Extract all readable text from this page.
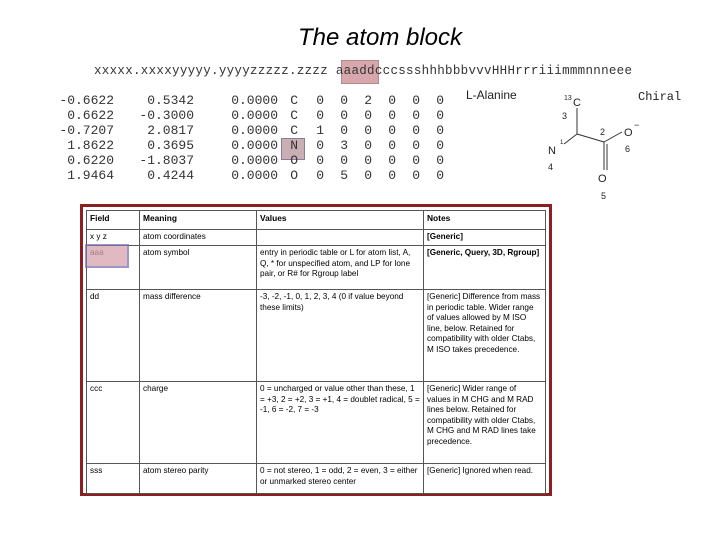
The atom block
xxxxx.xxxxyyyyy.yyyyzzzzz.zzzz aaaddcccssshhhbbbvvvHHHrrriiimmmnnneee
-0.6622	0.5342	0.0000 C	0	0	2	0	0	0
0.6622	-0.3000	0.0000 C	0	0	0	0	0	0
-0.7207	2.0817	0.0000 C	1	0	0	0	0	0
1.8622	0.3695	0.0000 N	0	3	0	0	0	0
0.6220	-1.8037	0.0000 O	0	0	0	0	0	0
1.9464	0.4244	0.0000 O	0	5	0	0	0	0
L-Alanine	Chiral
13 C
3
2 O
−
6
N
4
1
O
5
Field	Meaning	Values	Notes
x y z	atom coordinates		[Generic]
	atom symbol	entry in periodic table or L for atom list, A, Q, * for unspecified atom, and LP for lone pair, or R# for Rgroup label	[Generic, Query, 3D, Rgroup]
dd	mass difference	-3, -2, -1, 0, 1, 2, 3, 4 (0 if value beyond these limits)	[Generic] Difference from mass in periodic table. Wider range of values allowed by M ISO line, below. Retained for compatibility with older Ctabs, M ISO takes precedence.
ccc	charge	0 = uncharged or value other than these, 1 = +3, 2 = +2, 3 = +1, 4 = doublet radical, 5 = -1, 6 = -2, 7 = -3	[Generic] Wider range of values in M CHG and M RAD lines below. Retained for compatibility with older Ctabs, M CHG and M RAD lines take precedence.
sss	atom stereo parity	0 = not stereo, 1 = odd, 2 = even, 3 = either or unmarked stereo center	[Generic] Ignored when read.
